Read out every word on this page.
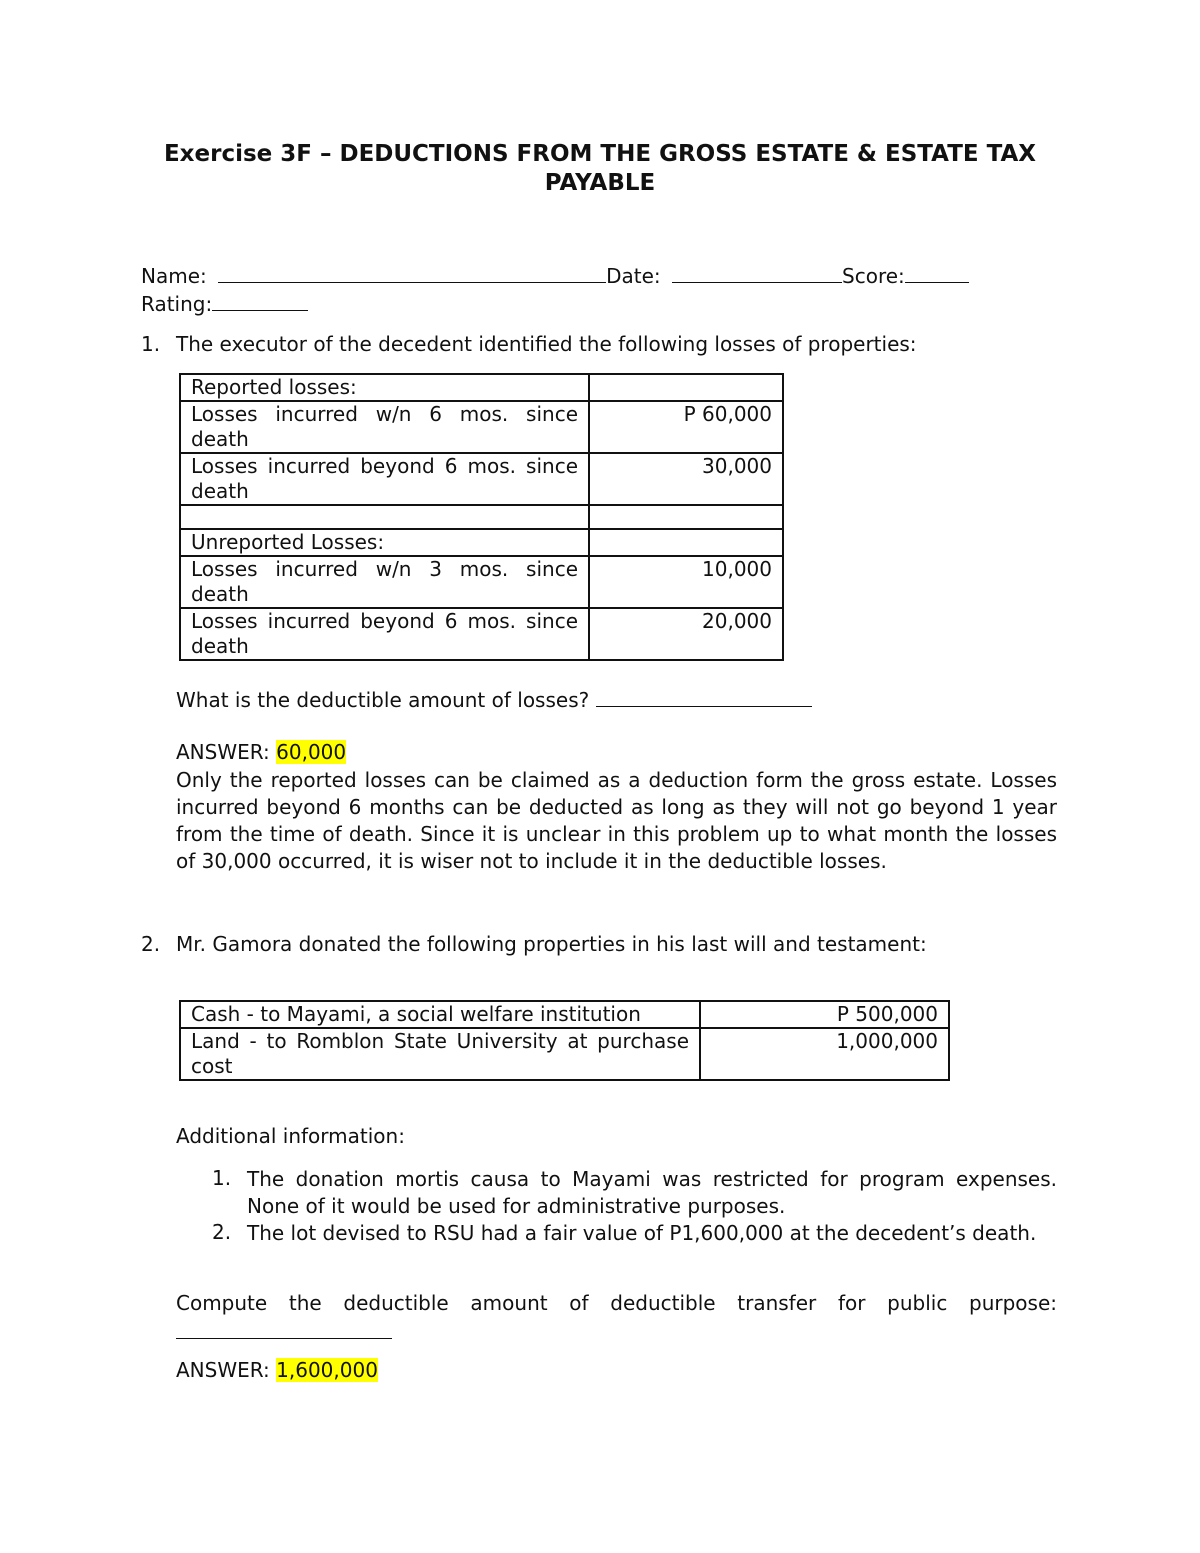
Exercise 3F – DEDUCTIONS FROM THE GROSS ESTATE & ESTATE TAX
PAYABLE
Name:	Date:	Score:
Rating:
1. The executor of the decedent identified the following losses of properties:
Reported losses:	
Losses incurred w/n 6 mos. since death	P 60,000
Losses incurred beyond 6 mos. since death	30,000

Unreported Losses:	
Losses incurred w/n 3 mos. since death	10,000
Losses incurred beyond 6 mos. since death	20,000
What is the deductible amount of losses?
ANSWER: 60,000
Only the reported losses can be claimed as a deduction form the gross estate. Losses incurred beyond 6 months can be deducted as long as they will not go beyond 1 year from the time of death. Since it is unclear in this problem up to what month the losses of 30,000 occurred, it is wiser not to include it in the deductible losses.
2. Mr. Gamora donated the following properties in his last will and testament:
Cash - to Mayami, a social welfare institution	P 500,000
Land - to Romblon State University at purchase cost	1,000,000
Additional information:
1. The donation mortis causa to Mayami was restricted for program expenses. None of it would be used for administrative purposes.
2. The lot devised to RSU had a fair value of P1,600,000 at the decedent’s death.
Compute the deductible amount of deductible transfer for public purpose:
ANSWER: 1,600,000
